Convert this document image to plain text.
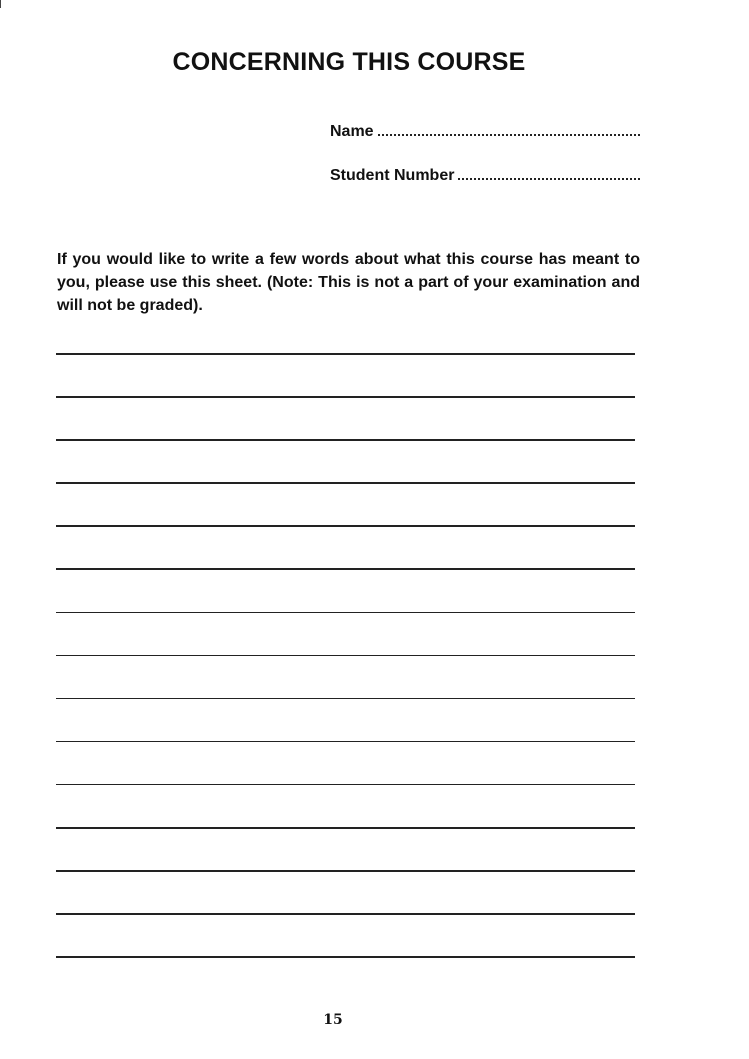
CONCERNING THIS COURSE
Name
Student Number
If you would like to write a few words about what this course has meant to you, please use this sheet. (Note: This is not a part of your examination and will not be graded).
15
